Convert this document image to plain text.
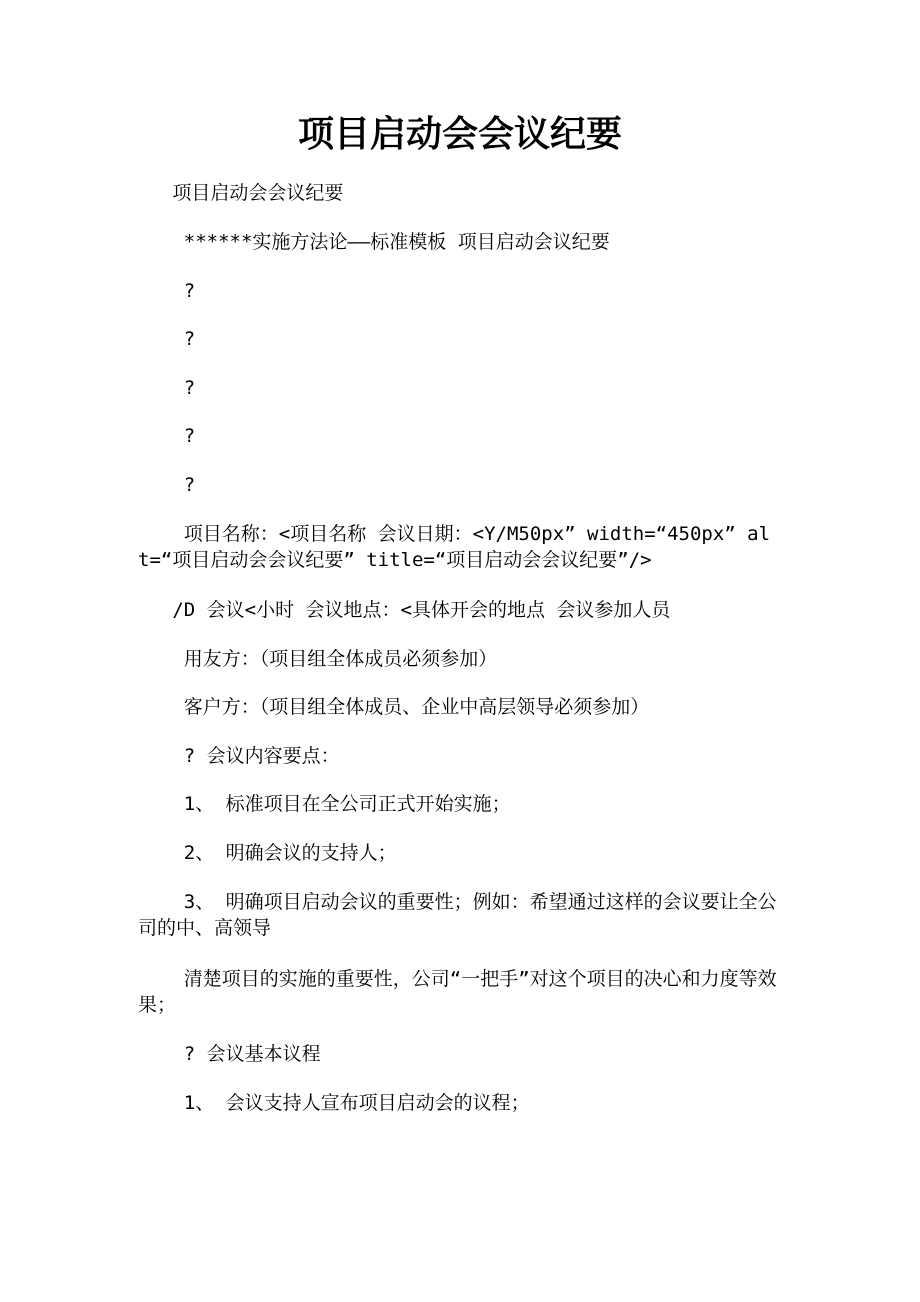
项目启动会会议纪要

项目启动会会议纪要

******实施方法论——标准模板 项目启动会议纪要

?

?

?

?

?

项目名称：<项目名称 会议日期：<Y/M50px” width=“450px” alt=“项目启动会会议纪要” title=“项目启动会会议纪要”/>

/D 会议<小时 会议地点：<具体开会的地点 会议参加人员

用友方：（项目组全体成员必须参加）

客户方：（项目组全体成员、企业中高层领导必须参加）

? 会议内容要点：

1、 标准项目在全公司正式开始实施；

2、 明确会议的支持人；

3、 明确项目启动会议的重要性；例如：希望通过这样的会议要让全公司的中、高领导

清楚项目的实施的重要性，公司“一把手”对这个项目的决心和力度等效果；

? 会议基本议程

1、 会议支持人宣布项目启动会的议程；
